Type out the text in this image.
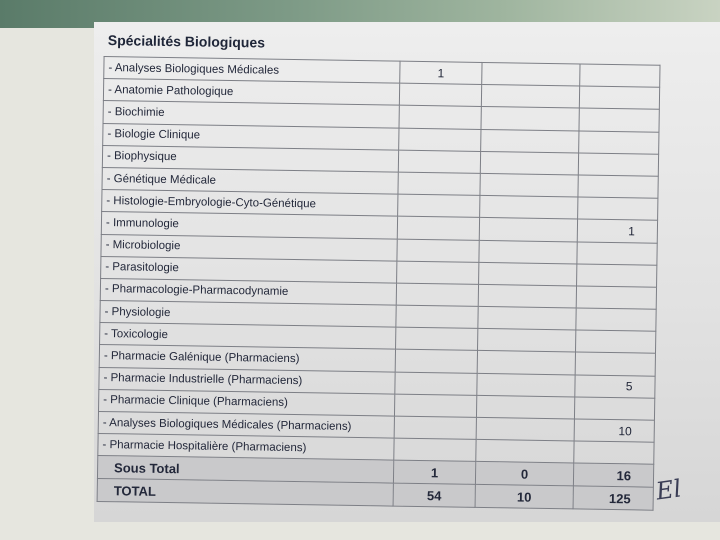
Spécialités Biologiques
- Analyses Biologiques Médicales	1		
- Anatomie Pathologique			
- Biochimie			
- Biologie Clinique			
- Biophysique			
- Génétique Médicale			
- Histologie-Embryologie-Cyto-Génétique			
- Immunologie			1
- Microbiologie			
- Parasitologie			
- Pharmacologie-Pharmacodynamie			
- Physiologie			
- Toxicologie			
- Pharmacie Galénique (Pharmaciens)			
- Pharmacie Industrielle (Pharmaciens)			5
- Pharmacie Clinique (Pharmaciens)			
- Analyses Biologiques Médicales (Pharmaciens)			10
- Pharmacie Hospitalière (Pharmaciens)			
Sous Total	1	0	16
TOTAL	54	10	125 El
